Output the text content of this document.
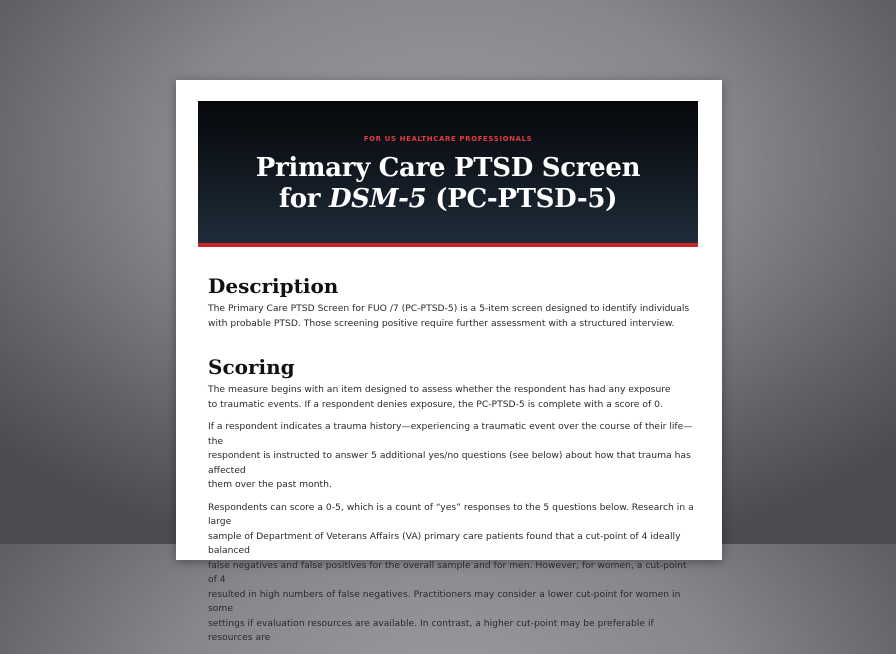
FOR US HEALTHCARE PROFESSIONALS
Primary Care PTSD Screen
for DSM-5 (PC-PTSD-5)
Description

The Primary Care PTSD Screen for FUO /7 (PC-PTSD-5) is a 5-item screen designed to identify individuals
with probable PTSD. Those screening positive require further assessment with a structured interview.

Scoring

The measure begins with an item designed to assess whether the respondent has had any exposure
to traumatic events. If a respondent denies exposure, the PC-PTSD-5 is complete with a score of 0.

If a respondent indicates a trauma history—experiencing a traumatic event over the course of their life—the
respondent is instructed to answer 5 additional yes/no questions (see below) about how that trauma has affected
them over the past month.

Respondents can score a 0-5, which is a count of “yes” responses to the 5 questions below. Research in a large
sample of Department of Veterans Affairs (VA) primary care patients found that a cut-point of 4 ideally balanced
false negatives and false positives for the overall sample and for men. However, for women, a cut-point of 4
resulted in high numbers of false negatives. Practitioners may consider a lower cut-point for women in some
settings if evaluation resources are available. In contrast, a higher cut-point may be preferable if resources are
